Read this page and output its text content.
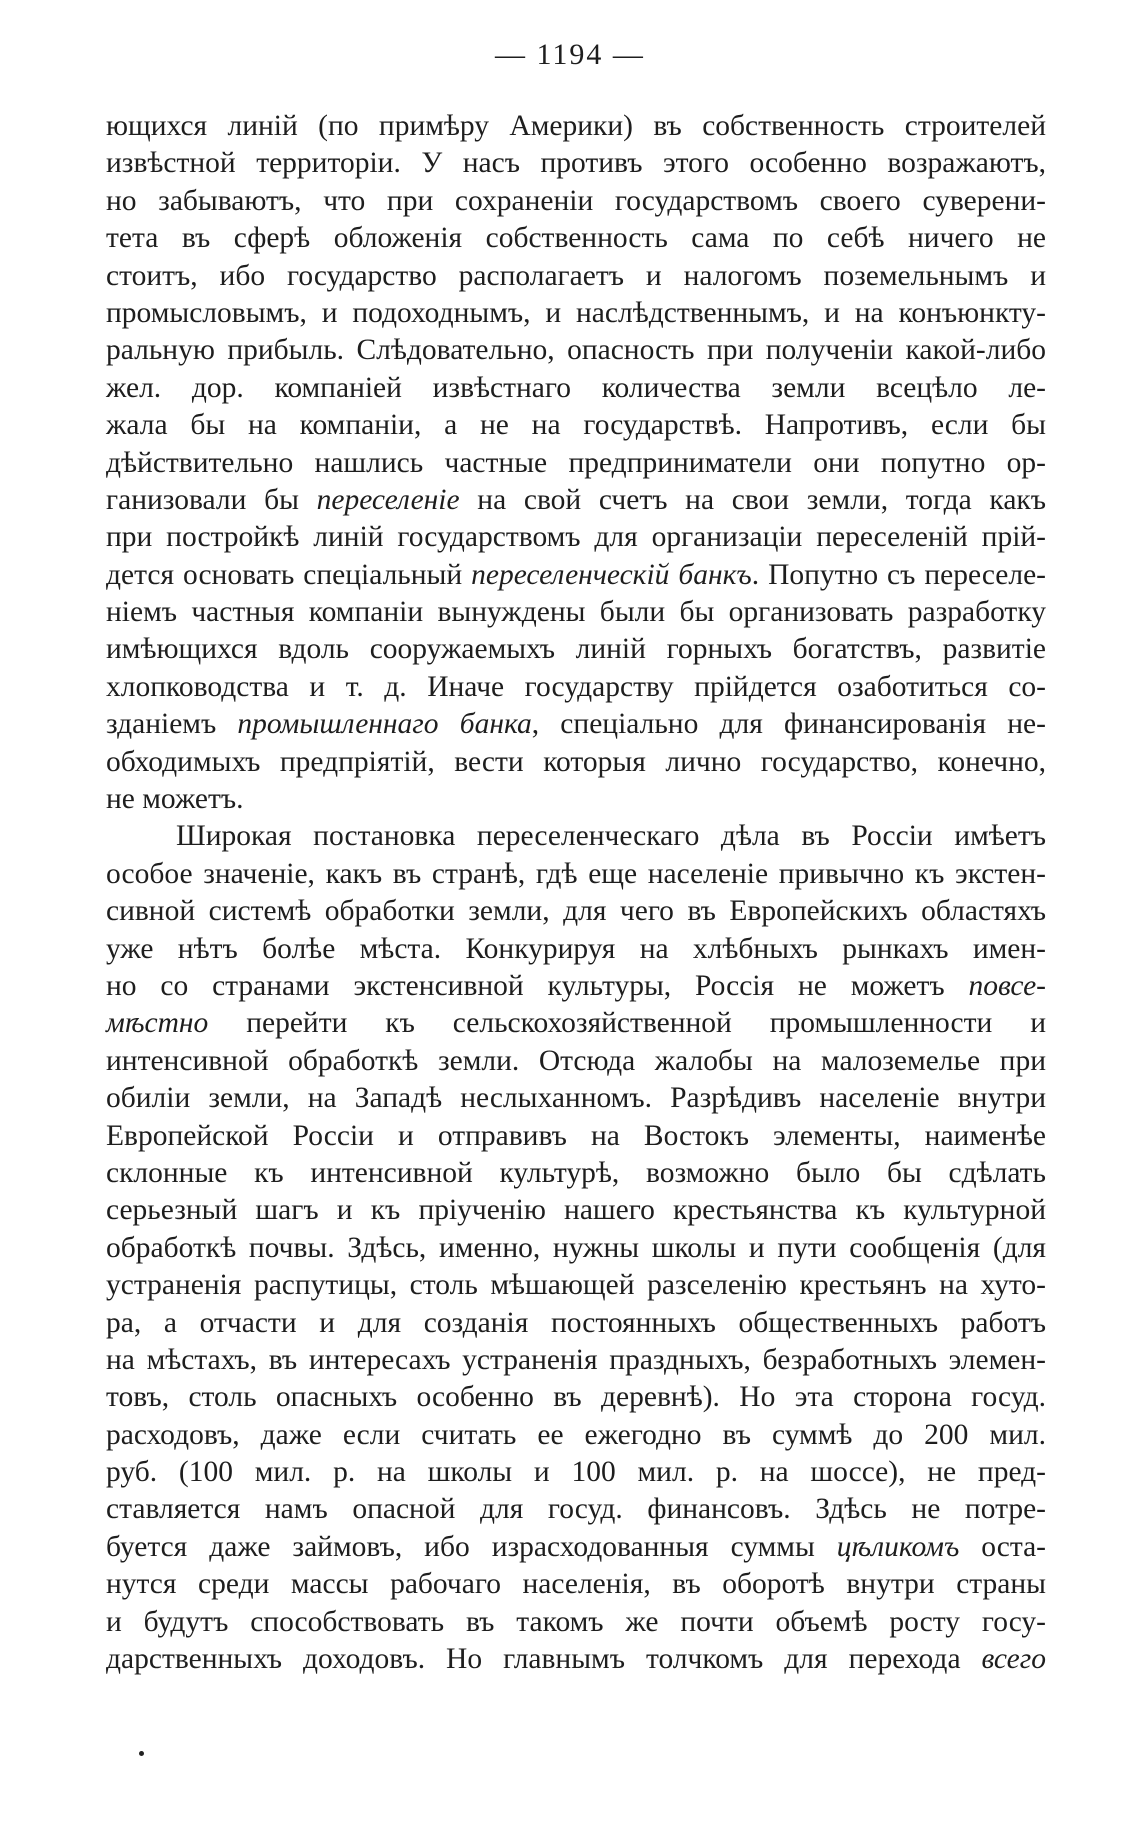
— 1194 —
ющихся линій (по примѣру Америки) въ собственность строителей
извѣстной территоріи. У насъ противъ этого особенно возражаютъ,
но забываютъ, что при сохраненіи государствомъ своего суверени-
тета въ сферѣ обложенія собственность сама по себѣ ничего не
стоитъ, ибо государство располагаетъ и налогомъ поземельнымъ и
промысловымъ, и подоходнымъ, и наслѣдственнымъ, и на конъюнкту-
ральную прибыль. Слѣдовательно, опасность при полученіи какой-либо
жел. дор. компаніей извѣстнаго количества земли всецѣло ле-
жала бы на компаніи, а не на государствѣ. Напротивъ, если бы
дѣйствительно нашлись частные предприниматели они попутно ор-
ганизовали бы переселеніе на свой счетъ на свои земли, тогда какъ
при постройкѣ линій государствомъ для организаціи переселеній прій-
дется основать спеціальный переселенческій банкъ. Попутно съ переселе-
ніемъ частныя компаніи вынуждены были бы организовать разработку
имѣющихся вдоль сооружаемыхъ линій горныхъ богатствъ, развитіе
хлопководства и т. д. Иначе государству прійдется озаботиться со-
зданіемъ промышленнаго банка, спеціально для финансированія не-
обходимыхъ предпріятій, вести которыя лично государство, конечно,
не можетъ.
Широкая постановка переселенческаго дѣла въ Россіи имѣетъ
особое значеніе, какъ въ странѣ, гдѣ еще населеніе привычно къ экстен-
сивной системѣ обработки земли, для чего въ Европейскихъ областяхъ
уже нѣтъ болѣе мѣста. Конкурируя на хлѣбныхъ рынкахъ имен-
но со странами экстенсивной культуры, Россія не можетъ повсе-
мѣстно перейти къ сельскохозяйственной промышленности и
интенсивной обработкѣ земли. Отсюда жалобы на малоземелье при
обиліи земли, на Западѣ неслыханномъ. Разрѣдивъ населеніе внутри
Европейской Россіи и отправивъ на Востокъ элементы, наименѣе
склонные къ интенсивной культурѣ, возможно было бы сдѣлать
серьезный шагъ и къ пріученію нашего крестьянства къ культурной
обработкѣ почвы. Здѣсь, именно, нужны школы и пути сообщенія (для
устраненія распутицы, столь мѣшающей разселенію крестьянъ на хуто-
ра, а отчасти и для созданія постоянныхъ общественныхъ работъ
на мѣстахъ, въ интересахъ устраненія праздныхъ, безработныхъ элемен-
товъ, столь опасныхъ особенно въ деревнѣ). Но эта сторона госуд.
расходовъ, даже если считать ее ежегодно въ суммѣ до 200 мил.
руб. (100 мил. р. на школы и 100 мил. р. на шоссе), не пред-
ставляется намъ опасной для госуд. финансовъ. Здѣсь не потре-
буется даже займовъ, ибо израсходованныя суммы цѣликомъ оста-
нутся среди массы рабочаго населенія, въ оборотѣ внутри страны
и будутъ способствовать въ такомъ же почти объемѣ росту госу-
дарственныхъ доходовъ. Но главнымъ толчкомъ для перехода всего
